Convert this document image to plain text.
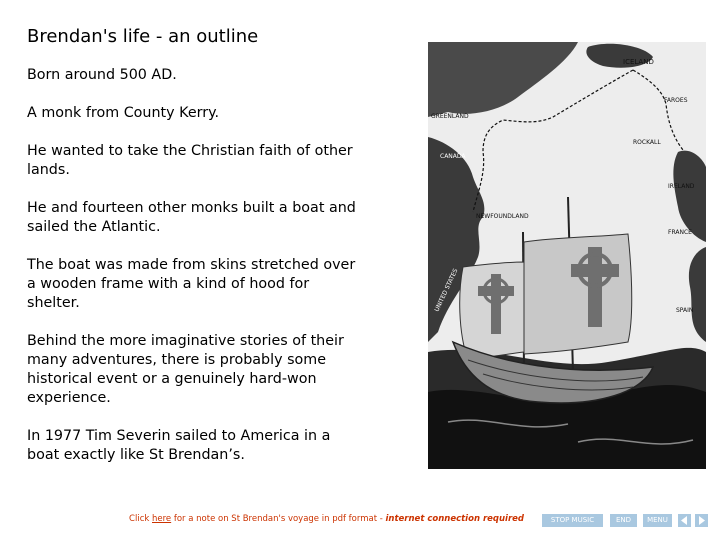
Brendan's life - an outline

Born around 500 AD.

A monk from County Kerry.

He wanted to take the Christian faith of other lands.

He and fourteen other monks built a boat and sailed the Atlantic.

The boat was made from skins stretched over a wooden frame with a kind of hood for shelter.

Behind the more imaginative stories of their many adventures, there is probably some historical event or a genuinely hard-won experience.

In 1977 Tim Severin sailed to America in a boat exactly like St Brendan’s.

ICELAND
FAROES
GREENLAND
ROCKALL
CANADA
IRELAND
NEWFOUNDLAND
FRANCE
UNITED STATES	SPAIN
Click here for a note on St Brendan's voyage in pdf format - internet connection required	STOP MUSIC	END	MENU
